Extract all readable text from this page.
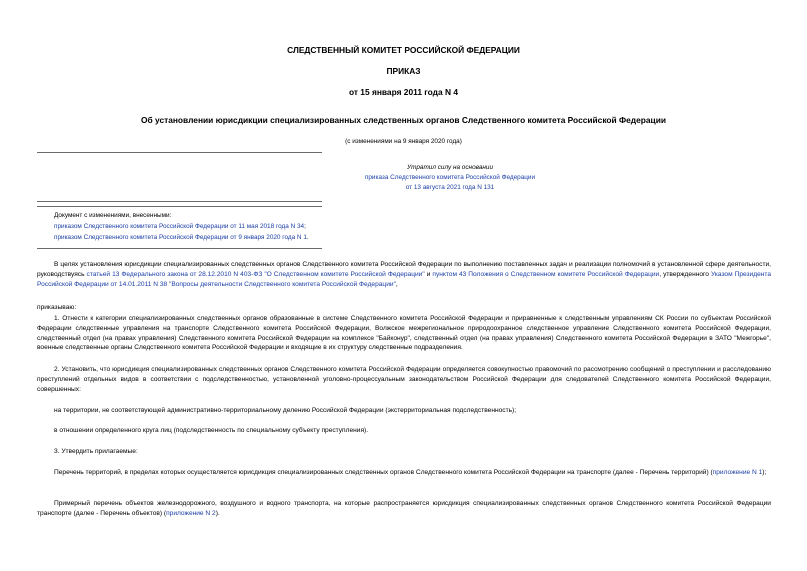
СЛЕДСТВЕННЫЙ КОМИТЕТ РОССИЙСКОЙ ФЕДЕРАЦИИ
ПРИКАЗ
от 15 января 2011 года N 4
Об установлении юрисдикции специализированных следственных органов Следственного комитета Российской Федерации
(с изменениями на 9 января 2020 года)
Утратил силу на основании
приказа Следственного комитета Российской Федерации
от 13 августа 2021 года N 131
Документ с изменениями, внесенными:
приказом Следственного комитета Российской Федерации от 11 мая 2018 года N 34;
приказом Следственного комитета Российской Федерации от 9 января 2020 года N 1.
В целях установления юрисдикции специализированных следственных органов Следственного комитета Российской Федерации по выполнению поставленных задач и реализации полномочий в установленной сфере деятельности, руководствуясь статьей 13 Федерального закона от 28.12.2010 N 403-ФЗ "О Следственном комитете Российской Федерации" и пунктом 43 Положения о Следственном комитете Российской Федерации, утвержденного Указом Президента Российской Федерации от 14.01.2011 N 38 "Вопросы деятельности Следственного комитета Российской Федерации",
приказываю:
1. Отнести к категории специализированных следственных органов образованные в системе Следственного комитета Российской Федерации и приравненные к следственным управлениям СК России по субъектам Российской Федерации следственные управления на транспорте Следственного комитета Российской Федерации, Волжское межрегиональное природоохранное следственное управление Следственного комитета Российской Федерации, следственный отдел (на правах управления) Следственного комитета Российской Федерации на комплексе "Байконур", следственный отдел (на правах управления) Следственного комитета Российской Федерации в ЗАТО "Межгорье", военные следственные органы Следственного комитета Российской Федерации и входящие в их структуру следственные подразделения.
2. Установить, что юрисдикция специализированных следственных органов Следственного комитета Российской Федерации определяется совокупностью правомочий по рассмотрению сообщений о преступлении и расследованию преступлений отдельных видов в соответствии с подследственностью, установленной уголовно-процессуальным законодательством Российской Федерации для следователей Следственного комитета Российской Федерации, совершенных:
на территории, не соответствующей административно-территориальному делению Российской Федерации (экстерриториальная подследственность);
в отношении определенного круга лиц (подследственность по специальному субъекту преступления).
3. Утвердить прилагаемые:
Перечень территорий, в пределах которых осуществляется юрисдикция специализированных следственных органов Следственного комитета Российской Федерации на транспорте (далее - Перечень территорий) (приложение N 1);
Примерный перечень объектов железнодорожного, воздушного и водного транспорта, на которые распространяется юрисдикция специализированных следственных органов Следственного комитета Российской Федерации транспорте (далее - Перечень объектов) (приложение N 2).
